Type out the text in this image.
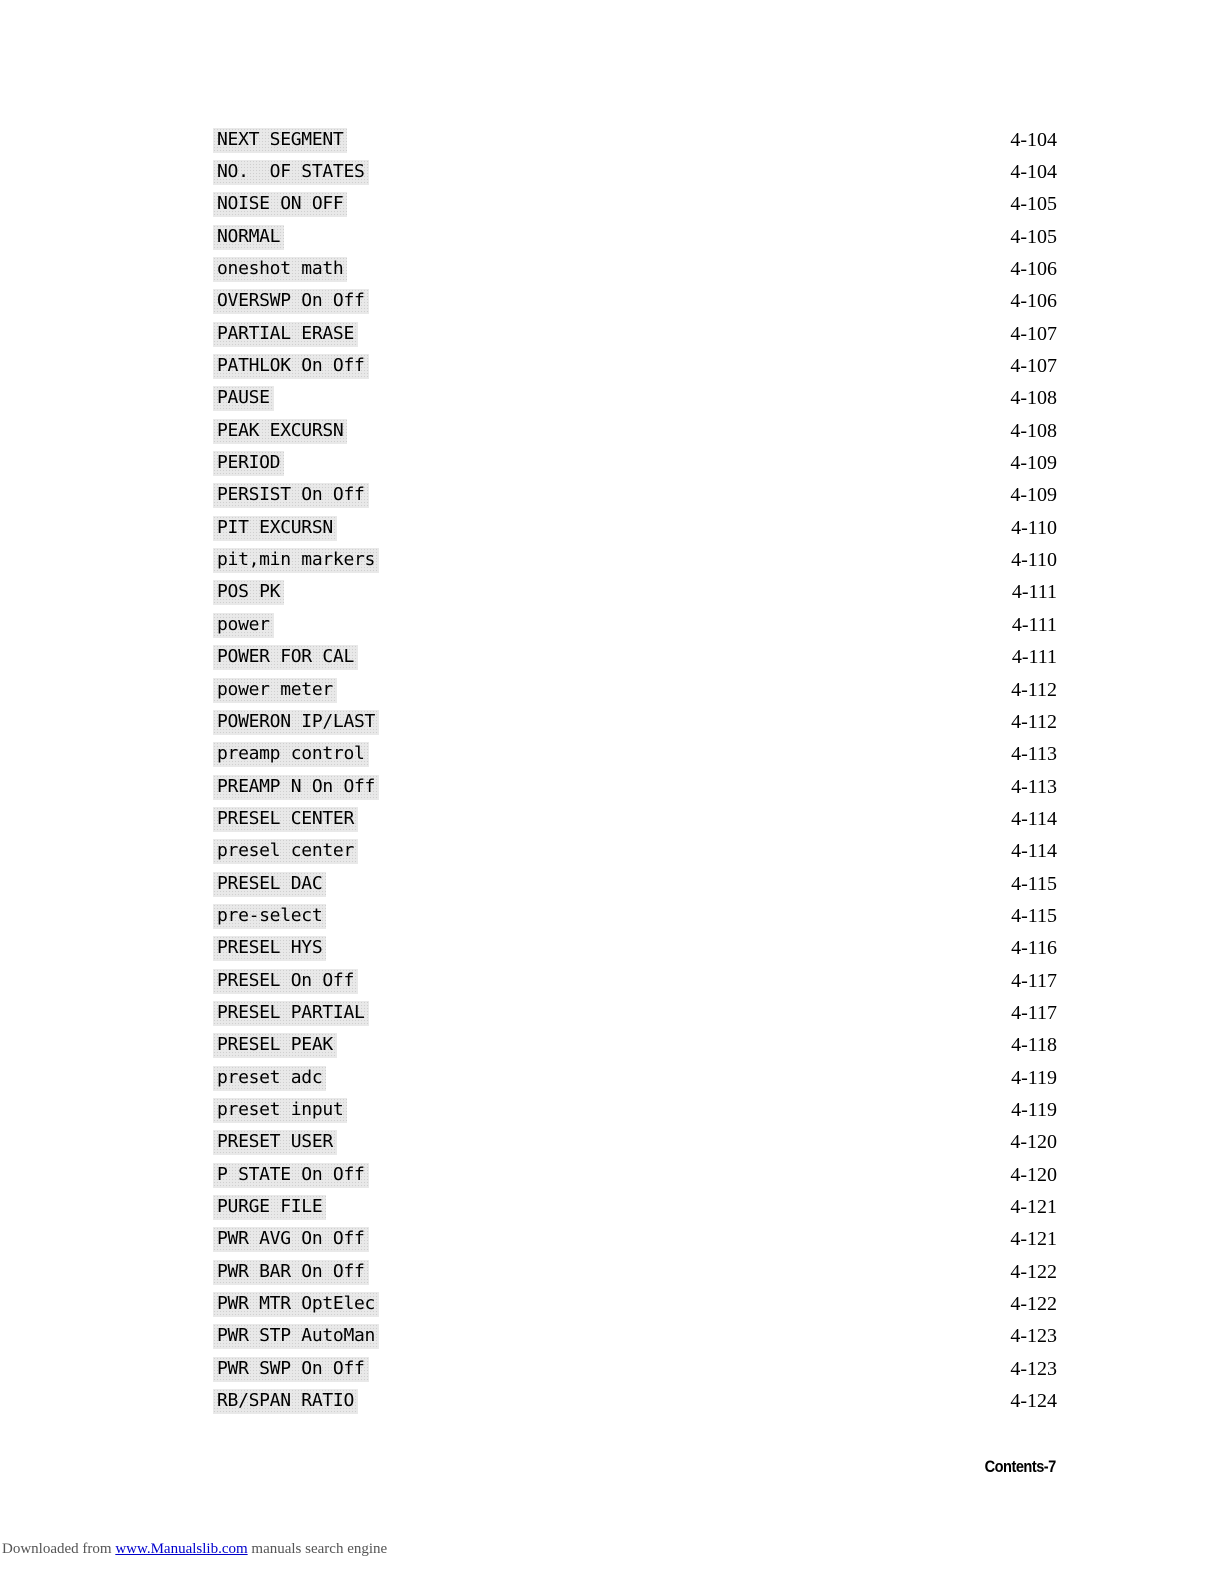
NEXT SEGMENT	4-104
NO.  OF STATES	4-104
NOISE ON OFF	4-105
NORMAL	4-105
oneshot math	4-106
OVERSWP On Off	4-106
PARTIAL ERASE	4-107
PATHLOK On Off	4-107
PAUSE	4-108
PEAK EXCURSN	4-108
PERIOD	4-109
PERSIST On Off	4-109
PIT EXCURSN	4-110
pit,min markers	4-110
POS PK	4-111
power	4-111
POWER FOR CAL	4-111
power meter	4-112
POWERON IP/LAST	4-112
preamp control	4-113
PREAMP N On Off	4-113
PRESEL CENTER	4-114
presel center	4-114
PRESEL DAC	4-115
pre-select	4-115
PRESEL HYS	4-116
PRESEL On Off	4-117
PRESEL PARTIAL	4-117
PRESEL PEAK	4-118
preset adc	4-119
preset input	4-119
PRESET USER	4-120
P STATE On Off	4-120
PURGE FILE	4-121
PWR AVG On Off	4-121
PWR BAR On Off	4-122
PWR MTR OptElec	4-122
PWR STP AutoMan	4-123
PWR SWP On Off	4-123
RB/SPAN RATIO	4-124
Contents-7
Downloaded from www.Manualslib.com manuals search engine
